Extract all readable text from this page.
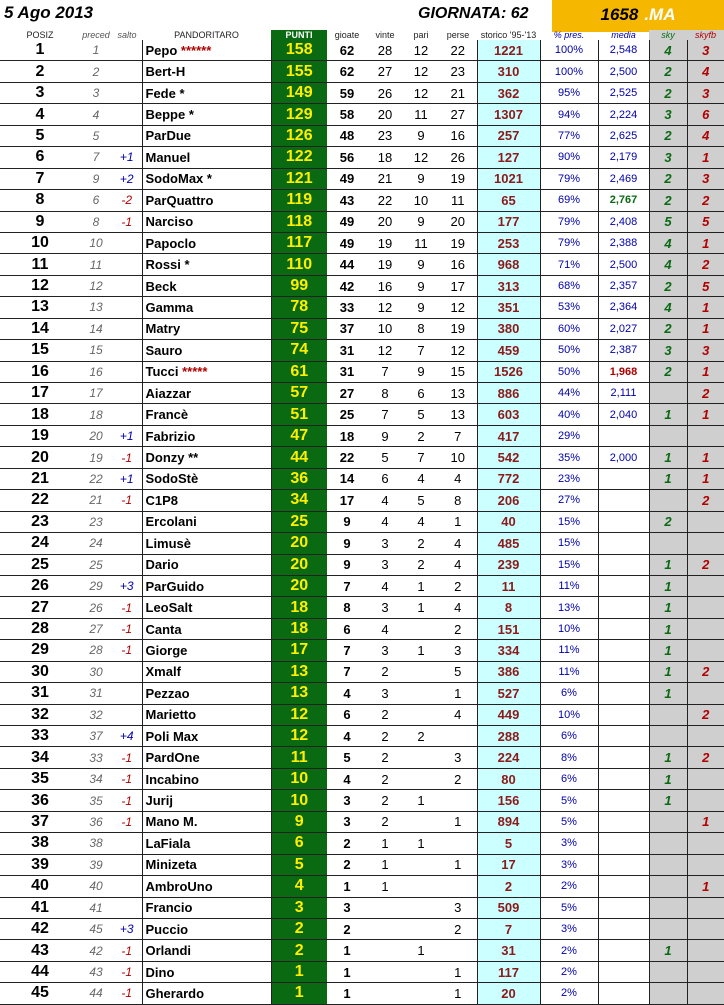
5 Ago 2013	GIORNATA: 62	1658 .MA
POSIZ	preced	salto	PANDORITARO	PUNTI	gioate	vinte	pari	perse	storico '95-'13	% pres.	media	sky	skyfb
1	1		Pepo ******	158	62	28	12	22	1221	100%	2,548	4	3
2	2		Bert-H	155	62	27	12	23	310	100%	2,500	2	4
3	3		Fede *	149	59	26	12	21	362	95%	2,525	2	3
4	4		Beppe *	129	58	20	11	27	1307	94%	2,224	3	6
5	5		ParDue	126	48	23	9	16	257	77%	2,625	2	4
6	7	+1	Manuel	122	56	18	12	26	127	90%	2,179	3	1
7	9	+2	SodoMax *	121	49	21	9	19	1021	79%	2,469	2	3
8	6	-2	ParQuattro	119	43	22	10	11	65	69%	2,767	2	2
9	8	-1	Narciso	118	49	20	9	20	177	79%	2,408	5	5
10	10		Papoclo	117	49	19	11	19	253	79%	2,388	4	1
11	11		Rossi *	110	44	19	9	16	968	71%	2,500	4	2
12	12		Beck	99	42	16	9	17	313	68%	2,357	2	5
13	13		Gamma	78	33	12	9	12	351	53%	2,364	4	1
14	14		Matry	75	37	10	8	19	380	60%	2,027	2	1
15	15		Sauro	74	31	12	7	12	459	50%	2,387	3	3
16	16		Tucci *****	61	31	7	9	15	1526	50%	1,968	2	1
17	17		Aiazzar	57	27	8	6	13	886	44%	2,111		2
18	18		Francè	51	25	7	5	13	603	40%	2,040	1	1
19	20	+1	Fabrizio	47	18	9	2	7	417	29%			
20	19	-1	Donzy **	44	22	5	7	10	542	35%	2,000	1	1
21	22	+1	SodoStè	36	14	6	4	4	772	23%		1	1
22	21	-1	C1P8	34	17	4	5	8	206	27%			2
23	23		Ercolani	25	9	4	4	1	40	15%		2	
24	24		Limusè	20	9	3	2	4	485	15%			
25	25		Dario	20	9	3	2	4	239	15%		1	2
26	29	+3	ParGuido	20	7	4	1	2	11	11%		1	
27	26	-1	LeoSalt	18	8	3	1	4	8	13%		1	
28	27	-1	Canta	18	6	4		2	151	10%		1	
29	28	-1	Giorge	17	7	3	1	3	334	11%		1	
30	30		Xmalf	13	7	2		5	386	11%		1	2
31	31		Pezzao	13	4	3		1	527	6%		1	
32	32		Marietto	12	6	2		4	449	10%			2
33	37	+4	Poli Max	12	4	2	2		288	6%			
34	33	-1	PardOne	11	5	2		3	224	8%		1	2
35	34	-1	Incabino	10	4	2		2	80	6%		1	
36	35	-1	Jurij	10	3	2	1		156	5%		1	
37	36	-1	Mano M.	9	3	2		1	894	5%			1
38	38		LaFiala	6	2	1	1		5	3%			
39	39		Minizeta	5	2	1		1	17	3%			
40	40		AmbroUno	4	1	1			2	2%			1
41	41		Francio	3	3			3	509	5%			
42	45	+3	Puccio	2	2			2	7	3%			
43	42	-1	Orlandi	2	1		1		31	2%		1	
44	43	-1	Dino	1	1			1	117	2%			
45	44	-1	Gherardo	1	1			1	20	2%			
